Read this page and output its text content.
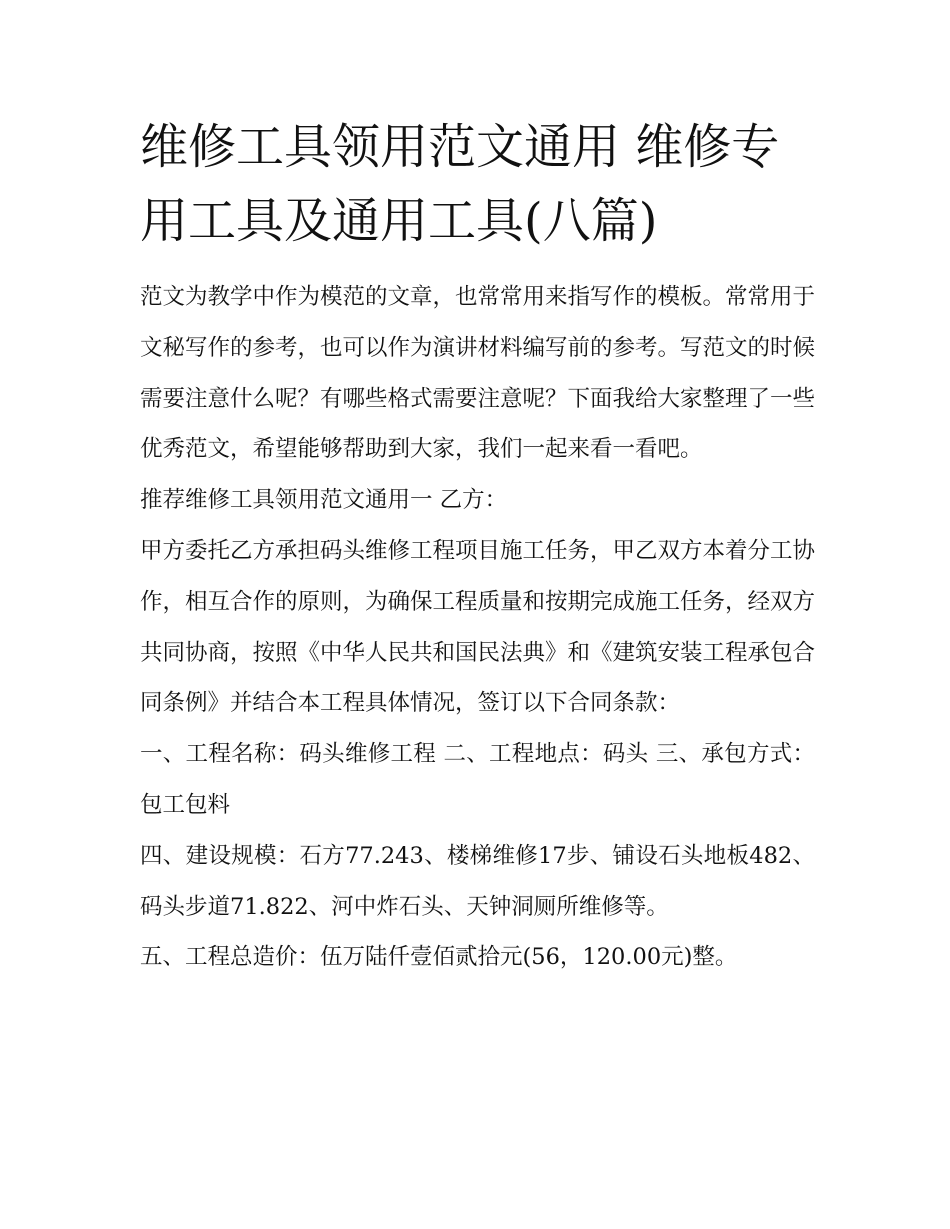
维修工具领用范文通用 维修专用工具及通用工具(八篇)

范文为教学中作为模范的文章，也常常用来指写作的模板。常常用于文秘写作的参考，也可以作为演讲材料编写前的参考。写范文的时候需要注意什么呢？有哪些格式需要注意呢？下面我给大家整理了一些优秀范文，希望能够帮助到大家，我们一起来看一看吧。

推荐维修工具领用范文通用一 乙方：

甲方委托乙方承担码头维修工程项目施工任务，甲乙双方本着分工协作，相互合作的原则，为确保工程质量和按期完成施工任务，经双方共同协商，按照《中华人民共和国民法典》和《建筑安装工程承包合同条例》并结合本工程具体情况，签订以下合同条款：

一、工程名称：码头维修工程 二、工程地点：码头 三、承包方式：包工包料

四、建设规模：石方77.243、楼梯维修17步、铺设石头地板482、码头步道71.822、河中炸石头、天钟洞厕所维修等。

五、工程总造价：伍万陆仟壹佰贰拾元(56，120.00元)整。
